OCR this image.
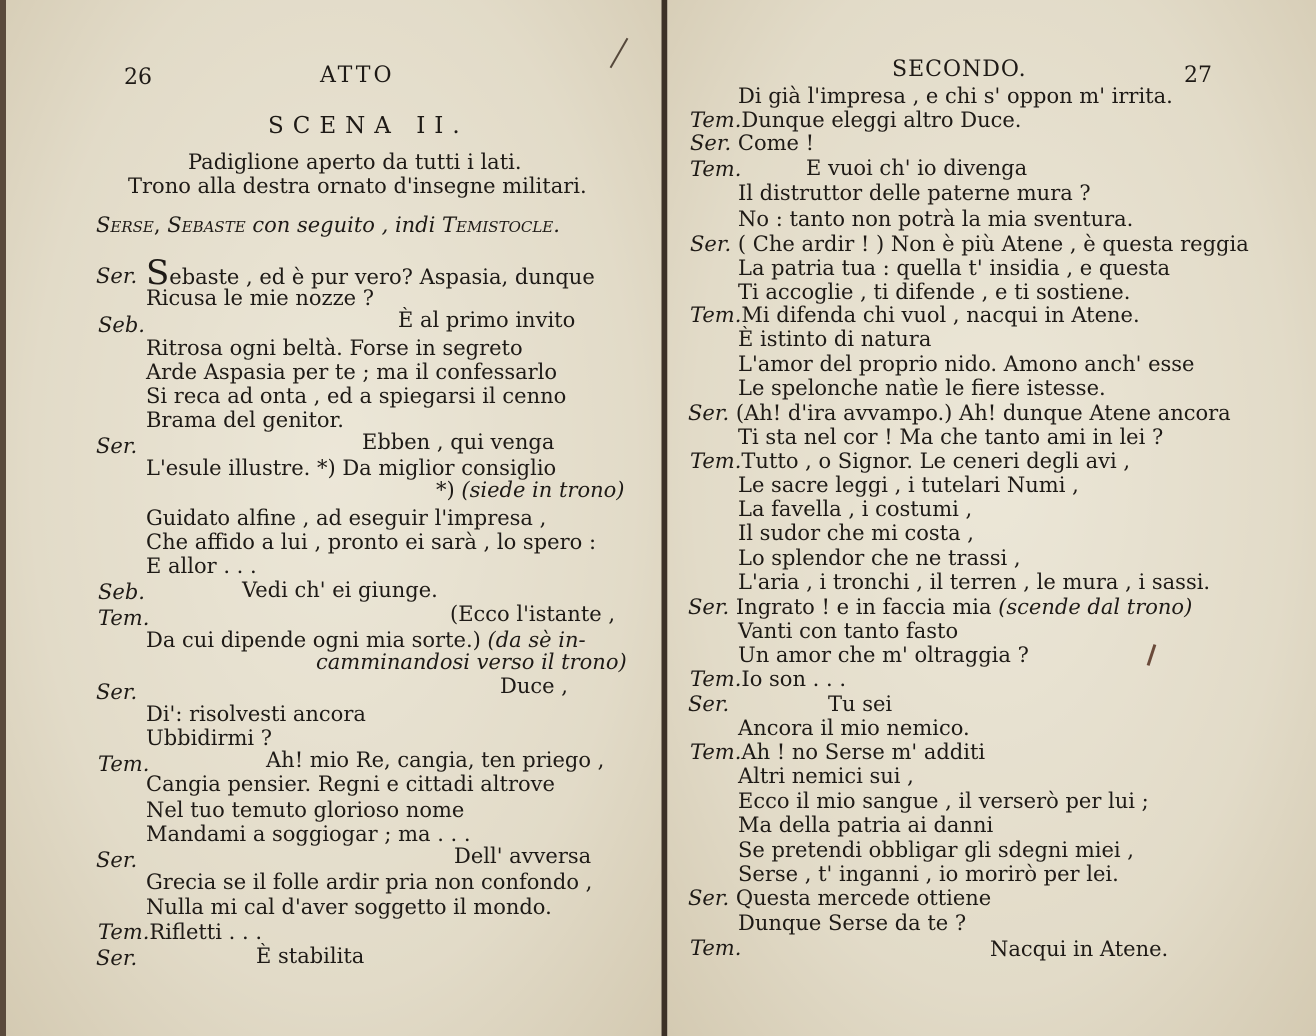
26	ATTO
SCENA II.
Padiglione aperto da tutti i lati.
Trono alla destra ornato d'insegne militari.
Serse, Sebaste con seguito , indi Temistocle.
Ser. Sebaste , ed è pur vero? Aspasia, dunque
Ricusa le mie nozze ?
Seb.	È al primo invito
Ritrosa ogni beltà. Forse in segreto
Arde Aspasia per te ; ma il confessarlo
Si reca ad onta , ed a spiegarsi il cenno
Brama del genitor.
Ser.	Ebben , qui venga
L'esule illustre. *) Da miglior consiglio
*) (siede in trono)
Guidato alfine , ad eseguir l'impresa ,
Che affido a lui , pronto ei sarà , lo spero :
E allor . . .
Seb.	Vedi ch' ei giunge.
Tem.	(Ecco l'istante ,
Da cui dipende ogni mia sorte.) (da sè in-
camminandosi verso il trono)
Ser.	Duce ,
Di': risolvesti ancora
Ubbidirmi ?
Tem.	Ah! mio Re, cangia, ten priego ,
Cangia pensier. Regni e cittadi altrove
Nel tuo temuto glorioso nome
Mandami a soggiogar ; ma . . .
Ser.	Dell' avversa
Grecia se il folle ardir pria non confondo ,
Nulla mi cal d'aver soggetto il mondo.
Tem.Rifletti . . .
Ser.	È stabilita
SECONDO.	27
Di già l'impresa , e chi s' oppon m' irrita.
Tem.Dunque eleggi altro Duce.
Ser. Come !
Tem.	E vuoi ch' io divenga
Il distruttor delle paterne mura ?
No : tanto non potrà la mia sventura.
Ser. ( Che ardir ! ) Non è più Atene , è questa reggia
La patria tua : quella t' insidia , e questa
Ti accoglie , ti difende , e ti sostiene.
Tem.Mi difenda chi vuol , nacqui in Atene.
È istinto di natura
L'amor del proprio nido. Amono anch' esse
Le spelonche natìe le fiere istesse.
Ser. (Ah! d'ira avvampo.) Ah! dunque Atene ancora
Ti sta nel cor ! Ma che tanto ami in lei ?
Tem.Tutto , o Signor. Le ceneri degli avi ,
Le sacre leggi , i tutelari Numi ,
La favella , i costumi ,
Il sudor che mi costa ,
Lo splendor che ne trassi ,
L'aria , i tronchi , il terren , le mura , i sassi.
Ser. Ingrato ! e in faccia mia (scende dal trono)
Vanti con tanto fasto
Un amor che m' oltraggia ?
Tem.Io son . . .
Ser.	Tu sei
Ancora il mio nemico.
Tem.Ah ! no Serse m' additi
Altri nemici sui ,
Ecco il mio sangue , il verserò per lui ;
Ma della patria ai danni
Se pretendi obbligar gli sdegni miei ,
Serse , t' inganni , io morirò per lei.
Ser. Questa mercede ottiene
Dunque Serse da te ?
Tem.	Nacqui in Atene.
